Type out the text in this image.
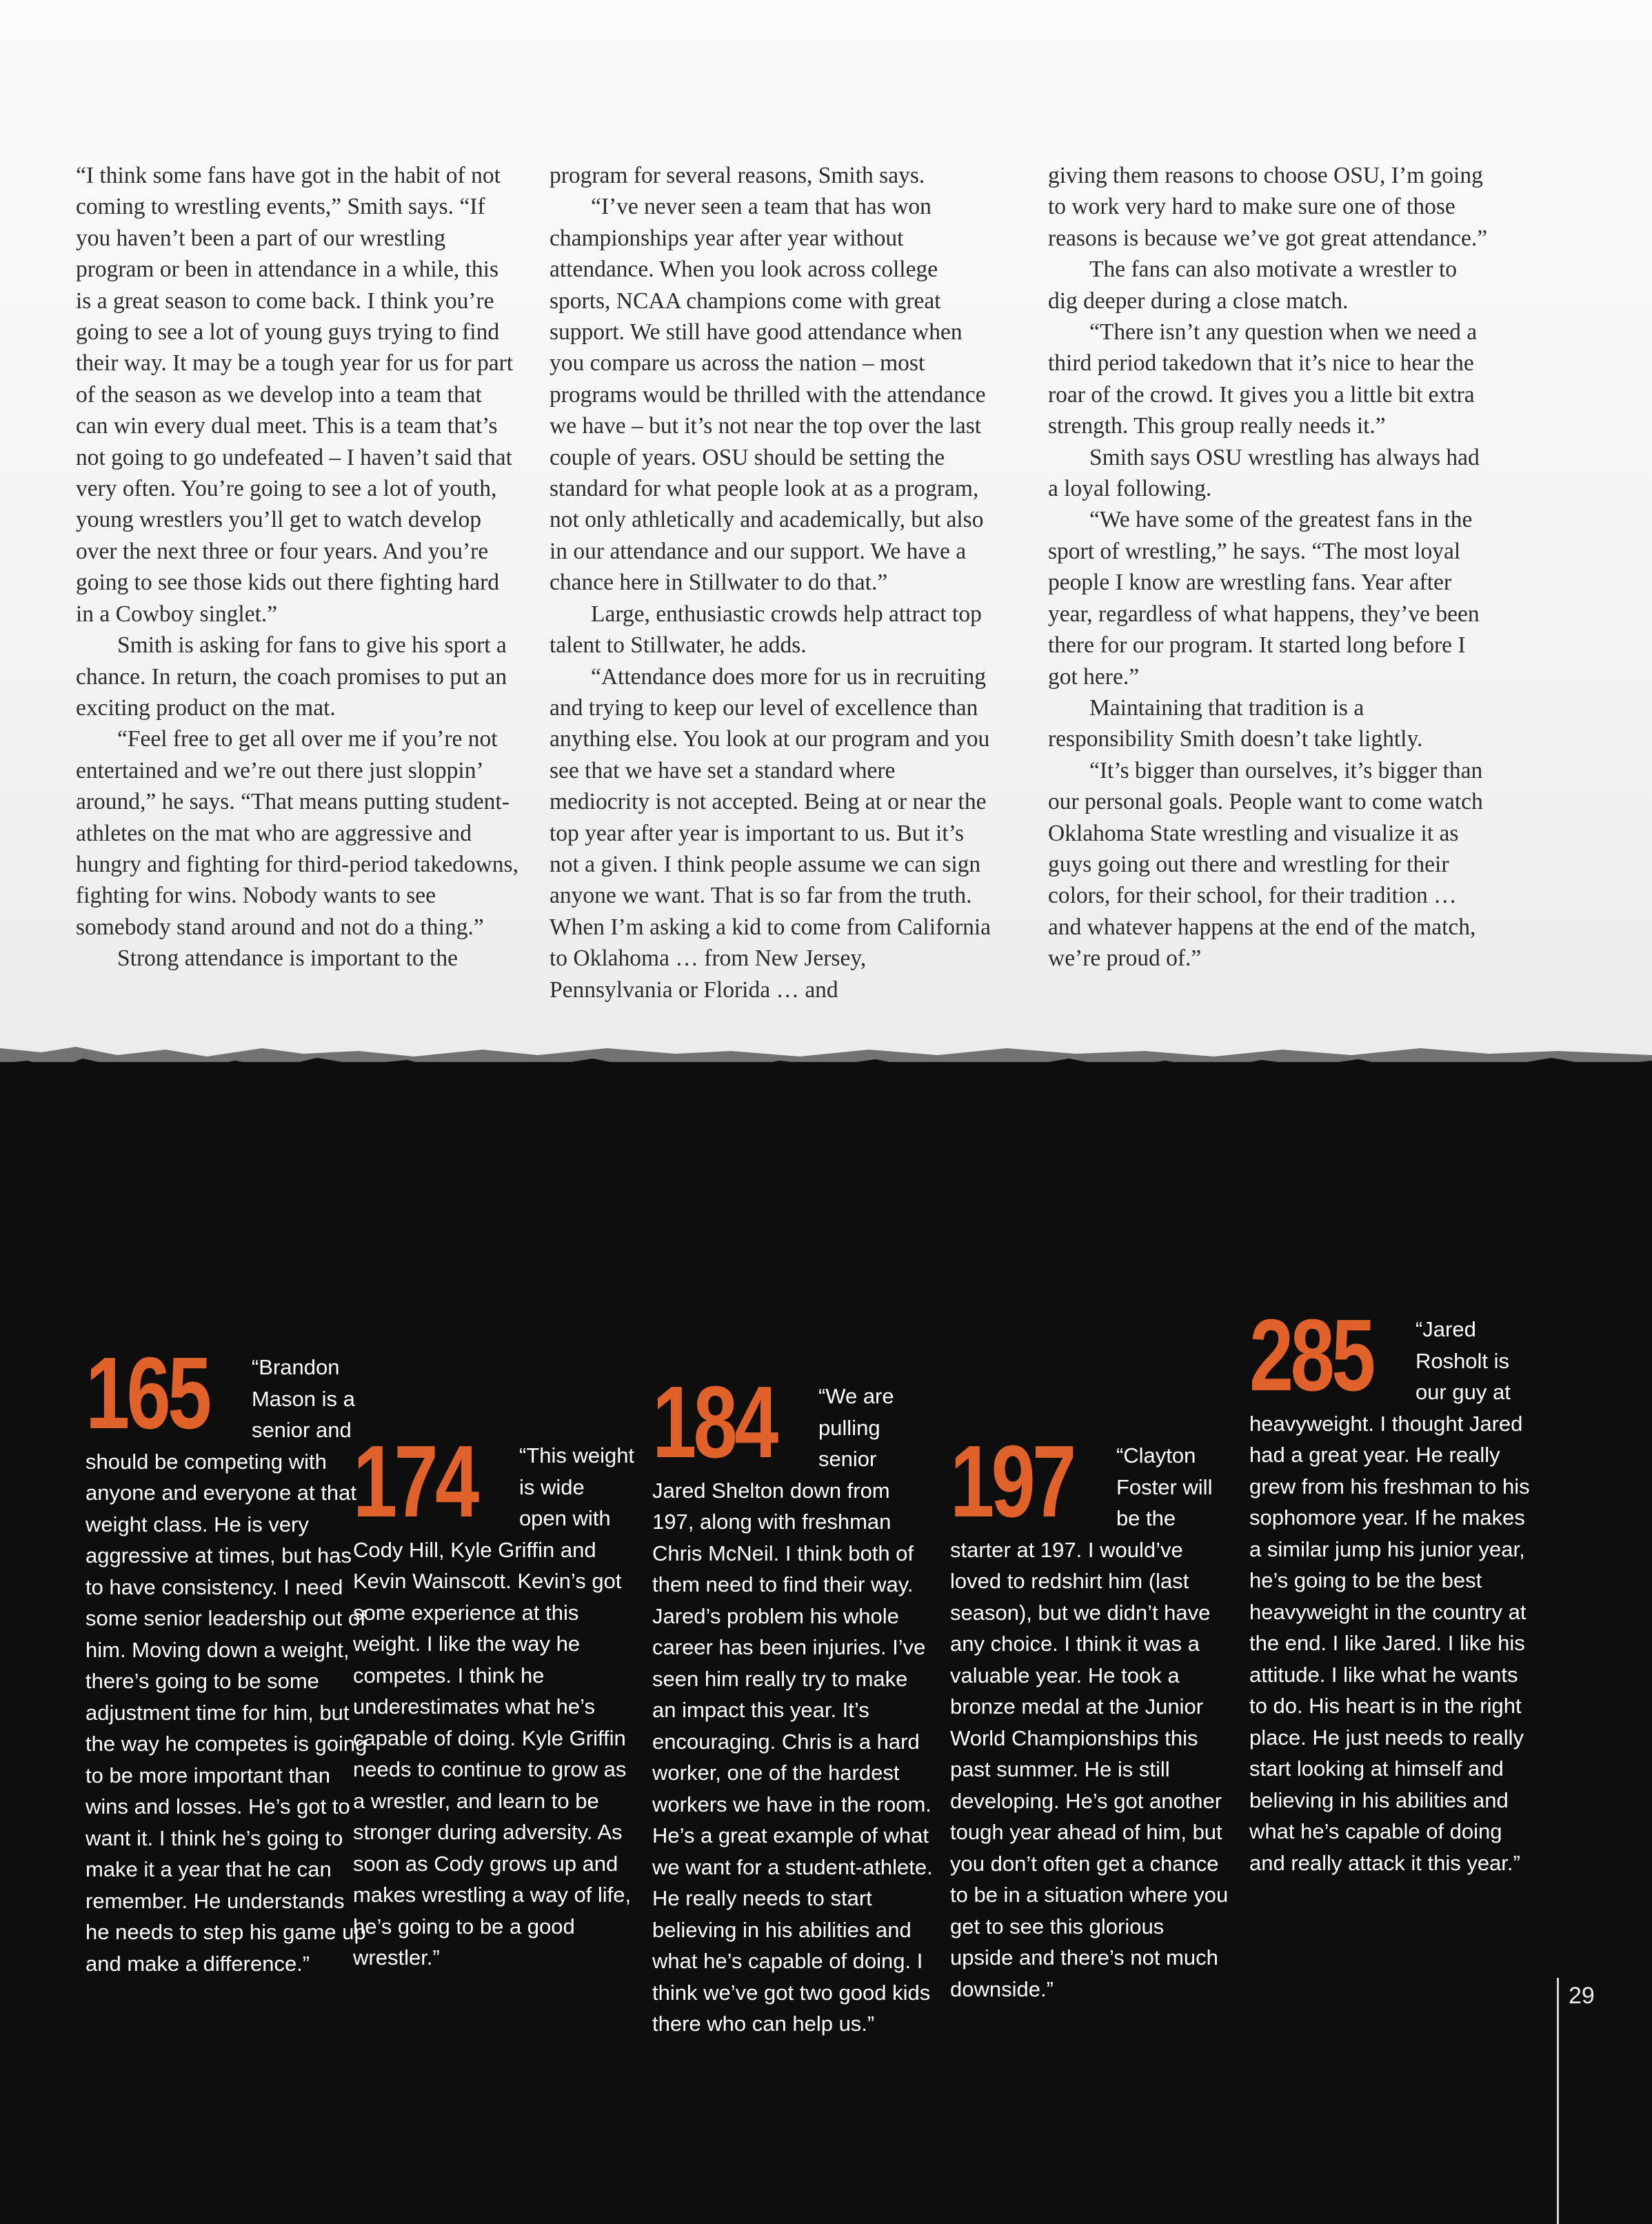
“I think some fans have got in the habit of not coming to wrestling events,” Smith says. “If you haven’t been a part of our wrestling program or been in attendance in a while, this is a great season to come back. I think you’re going to see a lot of young guys trying to find their way. It may be a tough year for us for part of the season as we develop into a team that can win every dual meet. This is a team that’s not going to go undefeated – I haven’t said that very often. You’re going to see a lot of youth, young wrestlers you’ll get to watch develop over the next three or four years. And you’re going to see those kids out there fighting hard in a Cowboy singlet.”

Smith is asking for fans to give his sport a chance. In return, the coach promises to put an exciting product on the mat.

“Feel free to get all over me if you’re not entertained and we’re out there just sloppin’ around,” he says. “That means putting student-athletes on the mat who are aggressive and hungry and fighting for third-period takedowns, fighting for wins. Nobody wants to see somebody stand around and not do a thing.”

Strong attendance is important to the

program for several reasons, Smith says.

“I’ve never seen a team that has won championships year after year without attendance. When you look across college sports, NCAA champions come with great support. We still have good attendance when you compare us across the nation – most programs would be thrilled with the attendance we have – but it’s not near the top over the last couple of years. OSU should be setting the standard for what people look at as a program, not only athletically and academically, but also in our attendance and our support. We have a chance here in Stillwater to do that.”

Large, enthusiastic crowds help attract top talent to Stillwater, he adds.

“Attendance does more for us in recruiting and trying to keep our level of excellence than anything else. You look at our program and you see that we have set a standard where mediocrity is not accepted. Being at or near the top year after year is important to us. But it’s not a given. I think people assume we can sign anyone we want. That is so far from the truth. When I’m asking a kid to come from California to Oklahoma … from New Jersey, Pennsylvania or Florida … and

giving them reasons to choose OSU, I’m going to work very hard to make sure one of those reasons is because we’ve got great attendance.”

The fans can also motivate a wrestler to dig deeper during a close match.

“There isn’t any question when we need a third period takedown that it’s nice to hear the roar of the crowd. It gives you a little bit extra strength. This group really needs it.”

Smith says OSU wrestling has always had a loyal following.

“We have some of the greatest fans in the sport of wrestling,” he says. “The most loyal people I know are wrestling fans. Year after year, regardless of what happens, they’ve been there for our program. It started long before I got here.”

Maintaining that tradition is a responsibility Smith doesn’t take lightly.

“It’s bigger than ourselves, it’s bigger than our personal goals. People want to come watch Oklahoma State wrestling and visualize it as guys going out there and wrestling for their colors, for their school, for their tradition … and whatever happens at the end of the match, we’re proud of.”

165 “Brandon Mason is a senior and should be competing with anyone and everyone at that weight class. He is very aggressive at times, but has to have consistency. I need some senior leadership out of him. Moving down a weight, there’s going to be some adjustment time for him, but the way he competes is going to be more important than wins and losses. He’s got to want it. I think he’s going to make it a year that he can remember. He understands he needs to step his game up and make a difference.”
174 “This weight is wide open with Cody Hill, Kyle Griffin and Kevin Wainscott. Kevin’s got some experience at this weight. I like the way he competes. I think he underestimates what he’s capable of doing. Kyle Griffin needs to continue to grow as a wrestler, and learn to be stronger during adversity. As soon as Cody grows up and makes wrestling a way of life, he’s going to be a good wrestler.”
184 “We are pulling senior Jared Shelton down from 197, along with freshman Chris McNeil. I think both of them need to find their way. Jared’s problem his whole career has been injuries. I’ve seen him really try to make an impact this year. It’s encouraging. Chris is a hard worker, one of the hardest workers we have in the room. He’s a great example of what we want for a student-athlete. He really needs to start believing in his abilities and what he’s capable of doing. I think we’ve got two good kids there who can help us.”
197 “Clayton Foster will be the starter at 197. I would’ve loved to redshirt him (last season), but we didn’t have any choice. I think it was a valuable year. He took a bronze medal at the Junior World Championships this past summer. He is still developing. He’s got another tough year ahead of him, but you don’t often get a chance to be in a situation where you get to see this glorious upside and there’s not much downside.”
285 “Jared Rosholt is our guy at heavyweight. I thought Jared had a great year. He really grew from his freshman to his sophomore year. If he makes a similar jump his junior year, he’s going to be the best heavyweight in the country at the end. I like Jared. I like his attitude. I like what he wants to do. His heart is in the right place. He just needs to really start looking at himself and believing in his abilities and what he’s capable of doing and really attack it this year.”
29
